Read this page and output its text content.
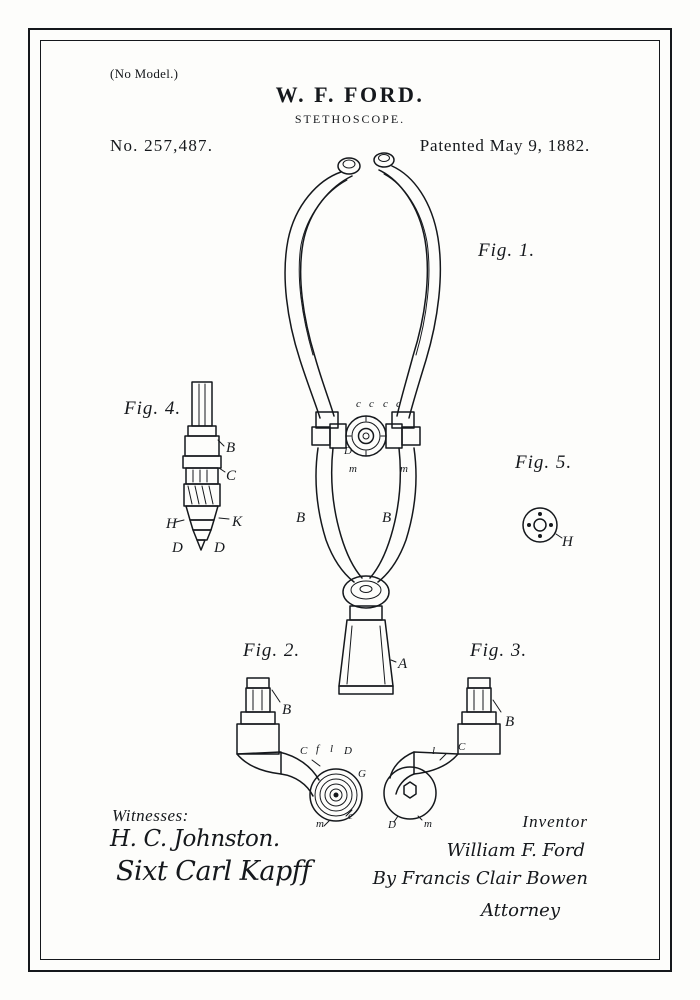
(No Model.)
W. F. FORD.
STETHOSCOPE.
No. 257,487.	Patented May 9, 1882.
Fig. 1.
Fig. 2.	Fig. 3.
Fig. 4.
Fig. 5.
c c c c
D
m	m
B	B
A
B
C f l D
G
m
e
B
l C
D	m
B
C
H	K
D D	H
Witnesses:
H. C. Johnston.
Sixt Carl Kapff
Inventor
William F. Ford
By Francis Clair Bowen
Attorney
